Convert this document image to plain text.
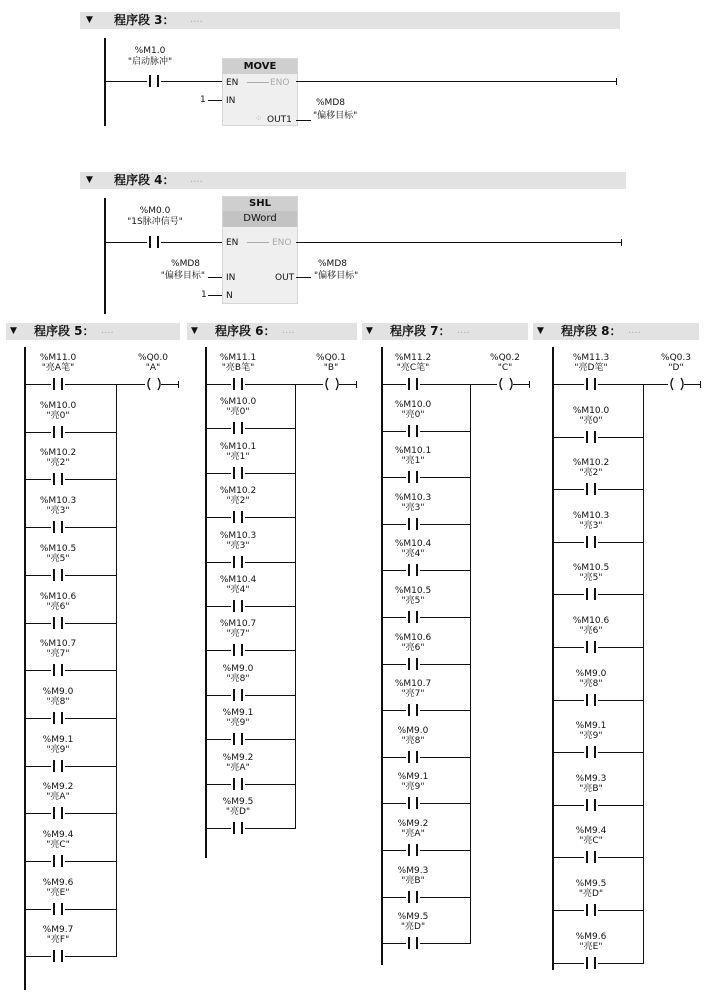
▼ 程序段 3： ....
%M1.0
"启动脉冲"	MOVE
EN	ENO
1 IN
⁘ OUT1
%MD8
"偏移目标"
▼ 程序段 4： ....
%M0.0
"1S脉冲信号"
SHL
DWord
EN	ENO
%MD8
"偏移目标" IN	OUT
%MD8
"偏移目标"
1 N
▼ 程序段 5： ....
%M11.0
"亮A笔"
%M10.0
"亮0"
%M10.2
"亮2"
%M10.3
"亮3"
%M10.5
"亮5"
%M10.6
"亮6"
%M10.7
"亮7"
%M9.0
"亮8"
%M9.1
"亮9"
%M9.2
"亮A"
%M9.4
"亮C"
%M9.6
"亮E"
%M9.7
"亮F"
%Q0.0
"A"
▼ 程序段 6： ....
%M11.1
"亮B笔"
%M10.0
"亮0"
%M10.1
"亮1"
%M10.2
"亮2"
%M10.3
"亮3"
%M10.4
"亮4"
%M10.7
"亮7"
%M9.0
"亮8"
%M9.1
"亮9"
%M9.2
"亮A"
%M9.5
"亮D"
%Q0.1
"B"
▼ 程序段 7： ....
%M11.2
"亮C笔"
%M10.0
"亮0"
%M10.1
"亮1"
%M10.3
"亮3"
%M10.4
"亮4"
%M10.5
"亮5"
%M10.6
"亮6"
%M10.7
"亮7"
%M9.0
"亮8"
%M9.1
"亮9"
%M9.2
"亮A"
%M9.3
"亮B"
%M9.5
"亮D"
%Q0.2
"C"
▼ 程序段 8： ....
%M11.3
"亮D笔"
%M10.0
"亮0"
%M10.2
"亮2"
%M10.3
"亮3"
%M10.5
"亮5"
%M10.6
"亮6"
%M9.0
"亮8"
%M9.1
"亮9"
%M9.3
"亮B"
%M9.4
"亮C"
%M9.5
"亮D"
%M9.6
"亮E"
%Q0.3
"D"
